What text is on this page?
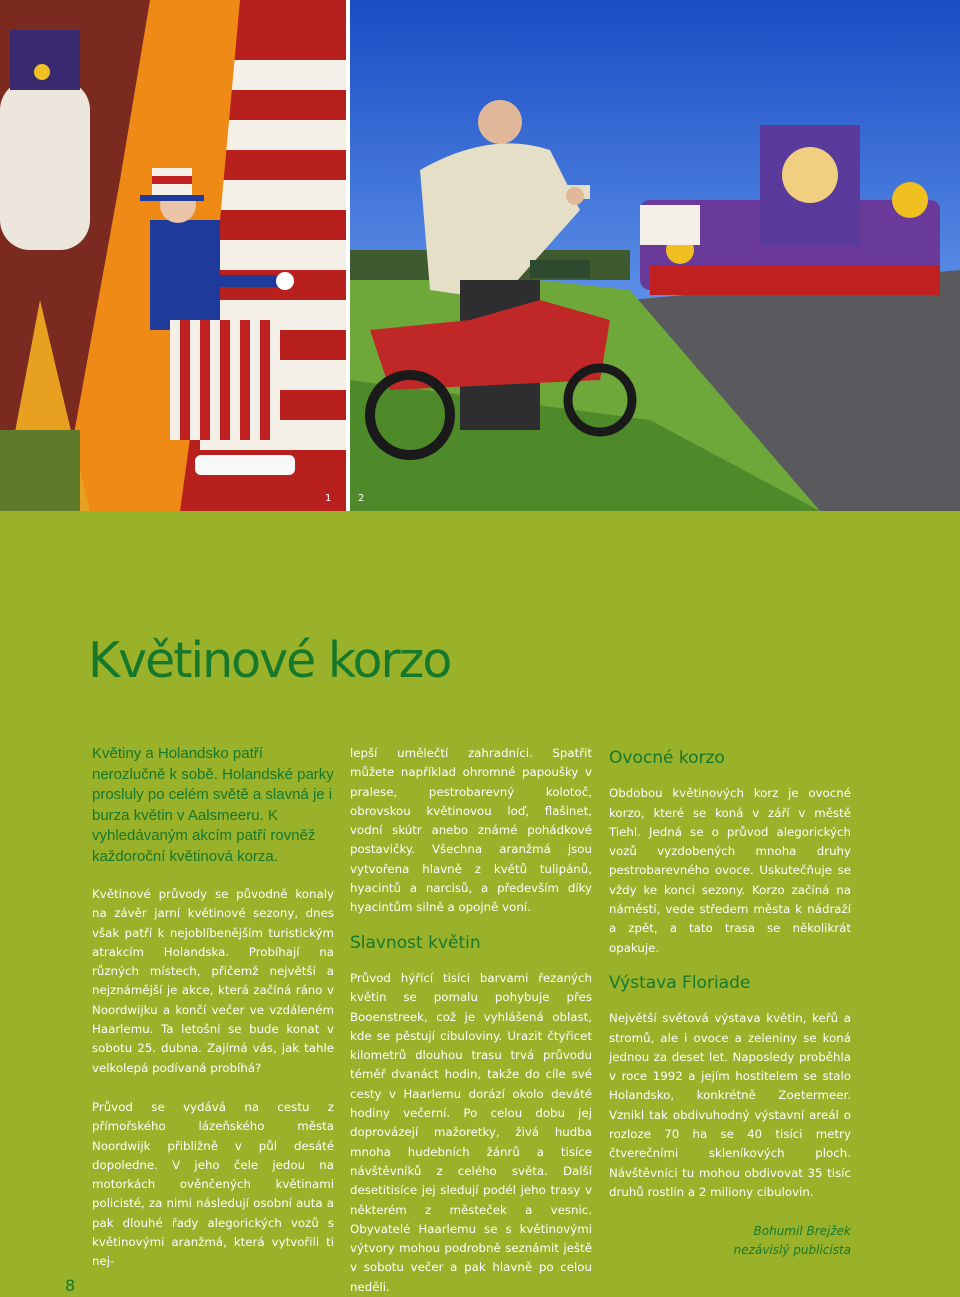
1	2
Květinové korzo

Květiny a Holandsko patří nerozlučně k sobě. Holandské parky prosluly po celém světě a slavná je i burza květin v Aalsmeeru. K vyhledávaným akcím patří rovněž každoroční květinová korza.

Květinové průvody se původně konaly na závěr jarní květinové sezony, dnes však patří k nejoblíbenějším turistickým atrakcím Holandska. Probíhají na různých místech, přičemž největší a nejznámější je akce, která začíná ráno v Noordwijku a končí večer ve vzdáleném Haarlemu. Ta letošní se bude konat v sobotu 25. dubna. Zajímá vás, jak tahle velkolepá podívaná probíhá?

Průvod se vydává na cestu z přímořského lázeňského města Noordwijk přibližně v půl desáté dopoledne. V jeho čele jedou na motorkách ověnčených květinami policisté, za nimi následují osobní auta a pak dlouhé řady alegorických vozů s květinovými aranžmá, která vytvořili ti nej-

lepší umělečtí zahradníci. Spatřit můžete například ohromné papoušky v pralese, pestrobarevný kolotoč, obrovskou květinovou loď, flašinet, vodní skútr anebo známé pohádkové postavičky. Všechna aranžmá jsou vytvořena hlavně z květů tulipánů, hyacintů a narcisů, a především díky hyacintům silně a opojně voní.

Slavnost květin

Průvod hýřící tisíci barvami řezaných květin se pomalu pohybuje přes Booenstreek, což je vyhlášená oblast, kde se pěstují cibuloviny. Urazit čtyřicet kilometrů dlouhou trasu trvá průvodu téměř dvanáct hodin, takže do cíle své cesty v Haarlemu dorází okolo deváté hodiny večerní. Po celou dobu jej doprovázejí mažoretky, živá hudba mnoha hudebních žánrů a tisíce návštěvníků z celého světa. Další desetitisíce jej sledují podél jeho trasy v některém z městeček a vesnic. Obyvatelé Haarlemu se s květinovými výtvory mohou podrobně seznámit ještě v sobotu večer a pak hlavně po celou neděli.

Ovocné korzo

Obdobou květinových korz je ovocné korzo, které se koná v září v městě Tiehl. Jedná se o průvod alegorických vozů vyzdobených mnoha druhy pestrobarevného ovoce. Uskutečňuje se vždy ke konci sezony. Korzo začíná na náměstí, vede středem města k nádraží a zpět, a tato trasa se několikrát opakuje.

Výstava Floriade

Největší světová výstava květin, keřů a stromů, ale i ovoce a zeleniny se koná jednou za deset let. Naposledy proběhla v roce 1992 a jejím hostitelem se stalo Holandsko, konkrétně Zoetermeer. Vznikl tak obdivuhodný výstavní areál o rozloze 70 ha se 40 tisíci metry čtverečními skleníkových ploch. Návštěvníci tu mohou obdivovat 35 tisíc druhů rostlin a 2 miliony cibulovin.

Bohumil Brejžek
nezávislý publicista
8
